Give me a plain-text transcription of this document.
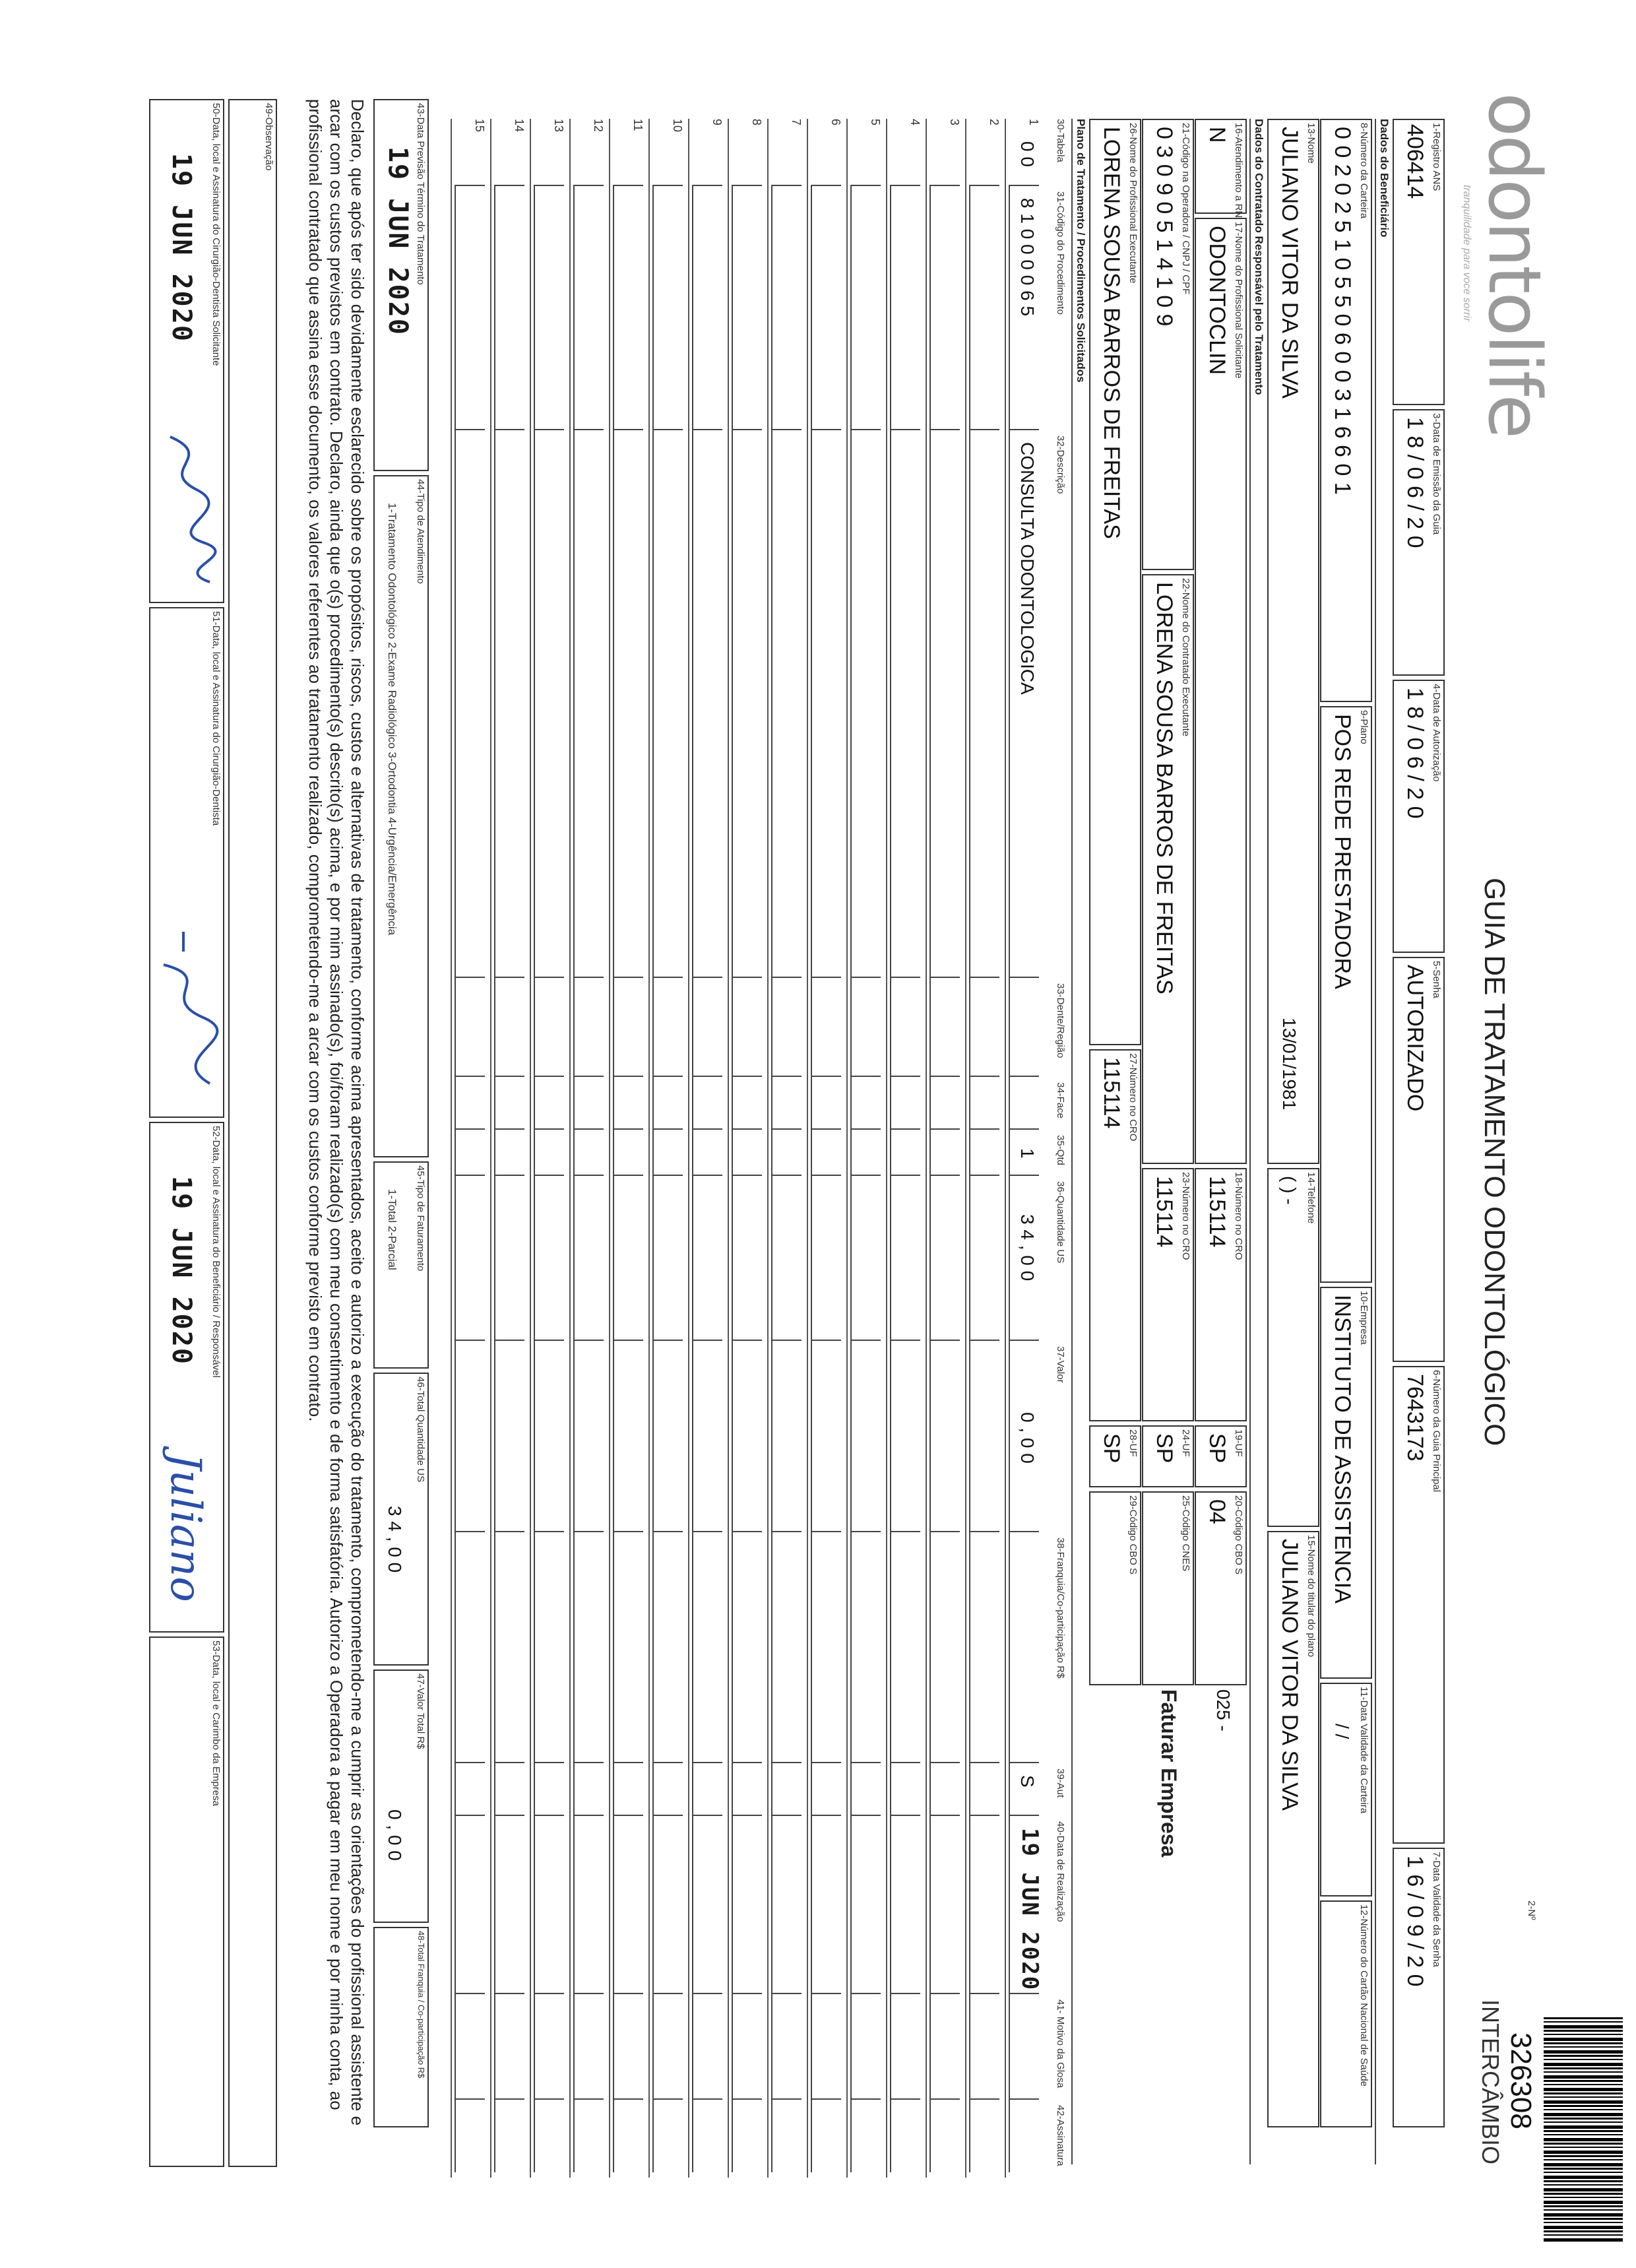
odontolife
tranquilidade para voce sorrir
GUIA DE TRATAMENTO ODONTOLÓGICO
2-Nº
326308
INTERCÂMBIO
1-Registro ANS
406414
3-Data de Emissão da Guia
1 8 / 0 6 / 2 0
4-Data de Autorização
1 8 / 0 6 / 2 0
5-Senha
AUTORIZADO
6-Número da Guia Principal
7643173
7-Data Validade da Senha
1 6 / 0 9 / 2 0
Dados do Beneficiário
8-Número da Carteira
0 0 2 0 2 5 1 0 5 5 0 6 0 0 3 1 6 6 0 1
9-Plano
POS REDE PRESTADORA
10-Empresa
INSTITUTO DE ASSISTENCIA
11-Data Validade da Carteira
/ /
12-Número do Cartão Nacional de Saúde
13-Nome
JULIANO VITOR DA SILVA
13/01/1981
14-Telefone
( ) -
15-Nome do titular do plano
JULIANO VITOR DA SILVA
Dados do Contratado Responsável pelo Tratamento
16-Atendimento a RN
N
17-Nome do Profissional Solicitante
ODONTOCLIN
18-Número no CRO
115114
19-UF
SP
20-Código CBO S
04
025 -
21-Código na Operadora / CNPJ / CPF
0 3 0 9 0 5 1 4 1 0 9
22-Nome do Contratado Executante
LORENA SOUSA BARROS DE FREITAS
23-Número no CRO
115114
24-UF
SP
25-Código CNES
Faturar Empresa
26-Nome do Profissional Executante
LORENA SOUSA BARROS DE FREITAS
27-Número no CRO
115114
28-UF
SP
29-Código CBO S
Plano de Tratamento / Procedimentos Solicitados
30-Tabela
31-Código do Procedimento
32-Descrição
33-Dente/Região
34-Face
35-Qtd
36-Quantidade US
37-Valor
38-Franquia/Co-participação R$
39-Aut
40-Data de Realização
41- Motivo da Glosa
42-Assinatura
1
0 0
8 1 0 0 0 0 6 5
CONSULTA ODONTOLOGICA
1
3 4 , 0 0
0 , 0 0
S
19 JUN 2020
2
3
4
5
6
7
8
9
10
11
12
13
14
15
43-Data Previsão Término do Tratamento
19 JUN 2020
44-Tipo de Atendimento
1-Tratamento Odontológico 2-Exame Radiológico 3-Ortodontia 4-Urgência/Emergência
45-Tipo de Faturamento
1-Total 2-Parcial
46-Total Quantidade US
3 4 , 0 0
47-Valor Total R$
0 , 0 0
48-Total Franquia / Co-participação R$
Declaro, que após ter sido devidamente esclarecido sobre os propósitos, riscos, custos e alternativas de tratamento, conforme acima apresentados, aceito e autorizo a execução do tratamento, comprometendo-me a cumprir as orientações do profissional assistente e arcar com os custos previstos em contrato. Declaro, ainda que o(s) procedimento(s) descrito(s) acima, e por mim assinado(s), foi/foram realizado(s) com meu consentimento e de forma satisfatória. Autorizo a Operadora a pagar em meu nome e por minha conta, ao profissional contratado que assina esse documento, os valores referentes ao tratamento realizado, comprometendo-me a arcar com os custos conforme previsto em contrato.
49-Observação
50-Data, local e Assinatura do Cirurgião-Dentista Solicitante
19 JUN 2020
51-Data, local e Assinatura do Cirurgião-Dentista
52-Data, local e Assinatura do Beneficiário / Responsável
19 JUN 2020
Juliano
53-Data, local e Carimbo da Empresa
